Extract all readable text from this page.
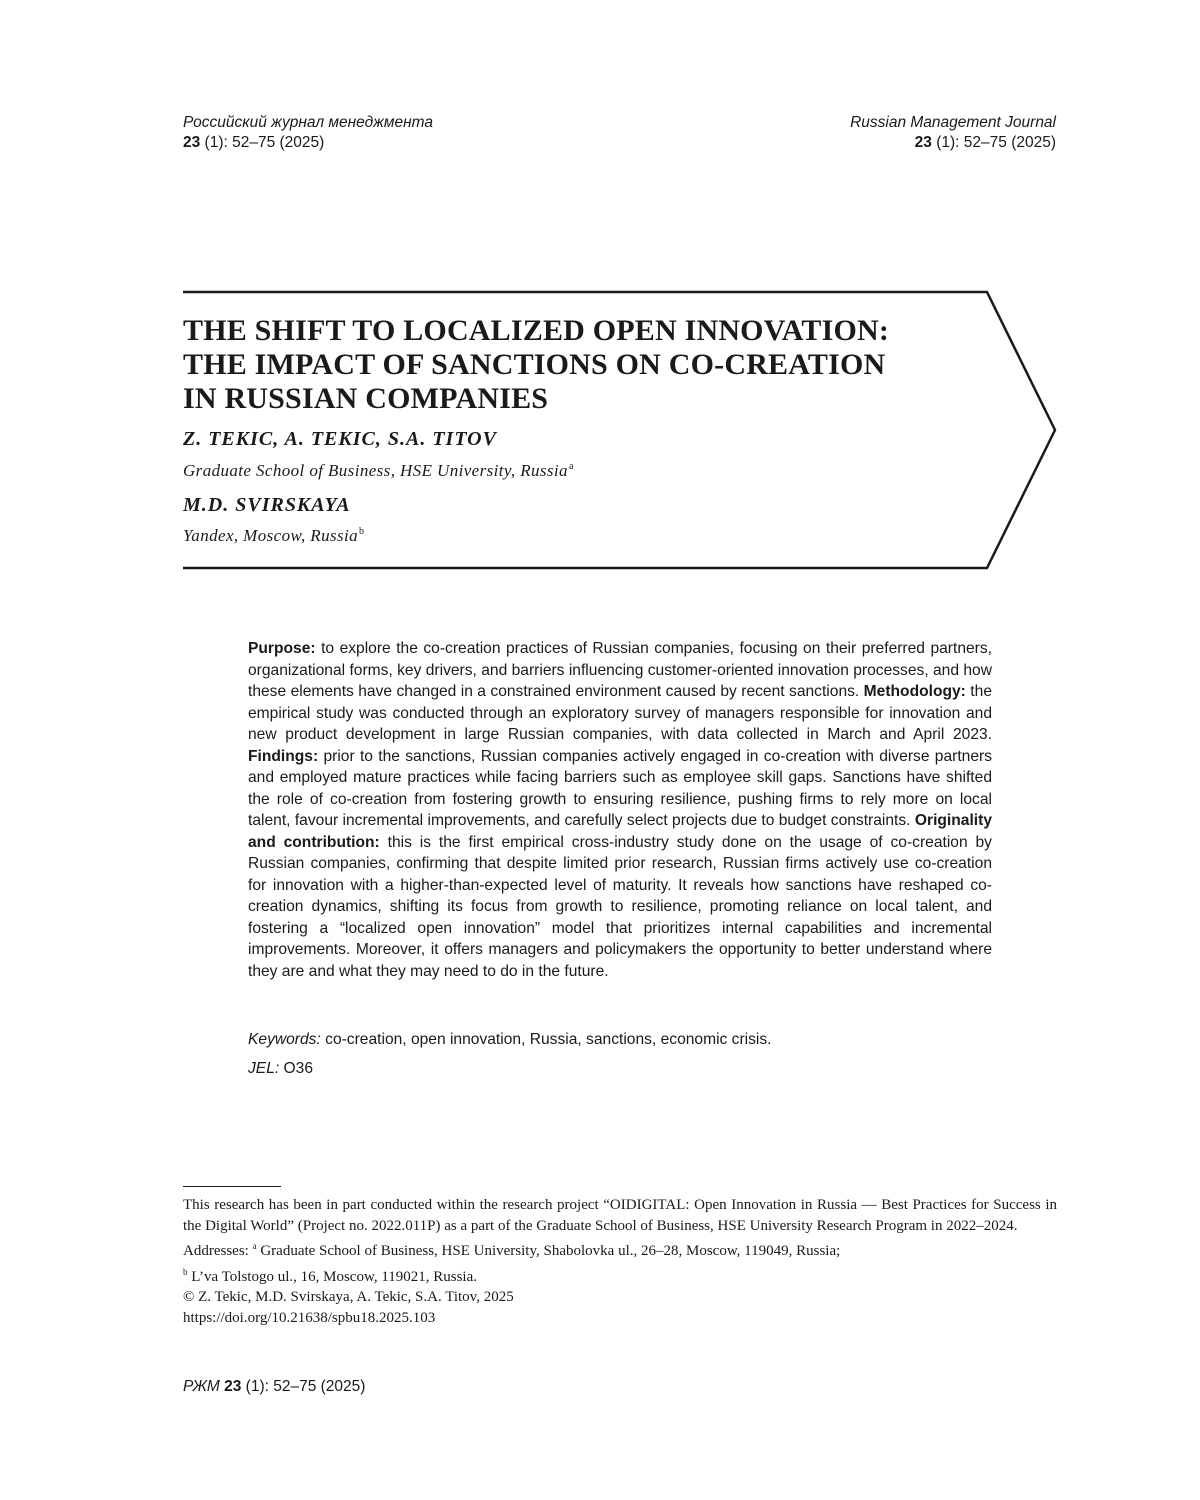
Российский журнал менеджмента
23 (1): 52–75 (2025)
Russian Management Journal
23 (1): 52–75 (2025)
THE SHIFT TO LOCALIZED OPEN INNOVATION:
THE IMPACT OF SANCTIONS ON CO-CREATION
IN RUSSIAN COMPANIES
Z. TEKIC, A. TEKIC, S.A. TITOV
Graduate School of Business, HSE University, Russia$^a$
M.D. SVIRSKAYA
Yandex, Moscow, Russia$^b$
Purpose: to explore the co-creation practices of Russian companies, focusing on their preferred partners, organizational forms, key drivers, and barriers influencing customer-oriented innovation processes, and how these elements have changed in a constrained environment caused by recent sanctions. Methodology: the empirical study was conducted through an exploratory survey of managers responsible for innovation and new product development in large Russian companies, with data collected in March and April 2023. Findings: prior to the sanctions, Russian companies actively engaged in co-creation with diverse partners and employed mature practices while facing barriers such as employee skill gaps. Sanctions have shifted the role of co-creation from fostering growth to ensuring resilience, pushing firms to rely more on local talent, favour incremental improvements, and carefully select projects due to budget constraints. Originality and contribution: this is the first empirical cross-industry study done on the usage of co-creation by Russian companies, confirming that despite limited prior research, Russian firms actively use co-creation for innovation with a higher-than-expected level of maturity. It reveals how sanctions have reshaped co-creation dynamics, shifting its focus from growth to resilience, promoting reliance on local talent, and fostering a “localized open innovation” model that prioritizes internal capabilities and incremental improvements. Moreover, it offers managers and policymakers the opportunity to better understand where they are and what they may need to do in the future.
Keywords: co-creation, open innovation, Russia, sanctions, economic crisis.
JEL: O36

This research has been in part conducted within the research project “OIDIGITAL: Open Innovation in Russia — Best Practices for Success in the Digital World” (Project no. 2022.011P) as a part of the Graduate School of Business, HSE University Research Program in 2022–2024.

Addresses: $^a$ Graduate School of Business, HSE University, Shabolovka ul., 26–28, Moscow, 119049, Russia;
$^b$ L’va Tolstogo ul., 16, Moscow, 119021, Russia.

© Z. Tekic, M.D. Svirskaya, A. Tekic, S.A. Titov, 2025

https://doi.org/10.21638/spbu18.2025.103

РЖМ 23 (1): 52–75 (2025)
